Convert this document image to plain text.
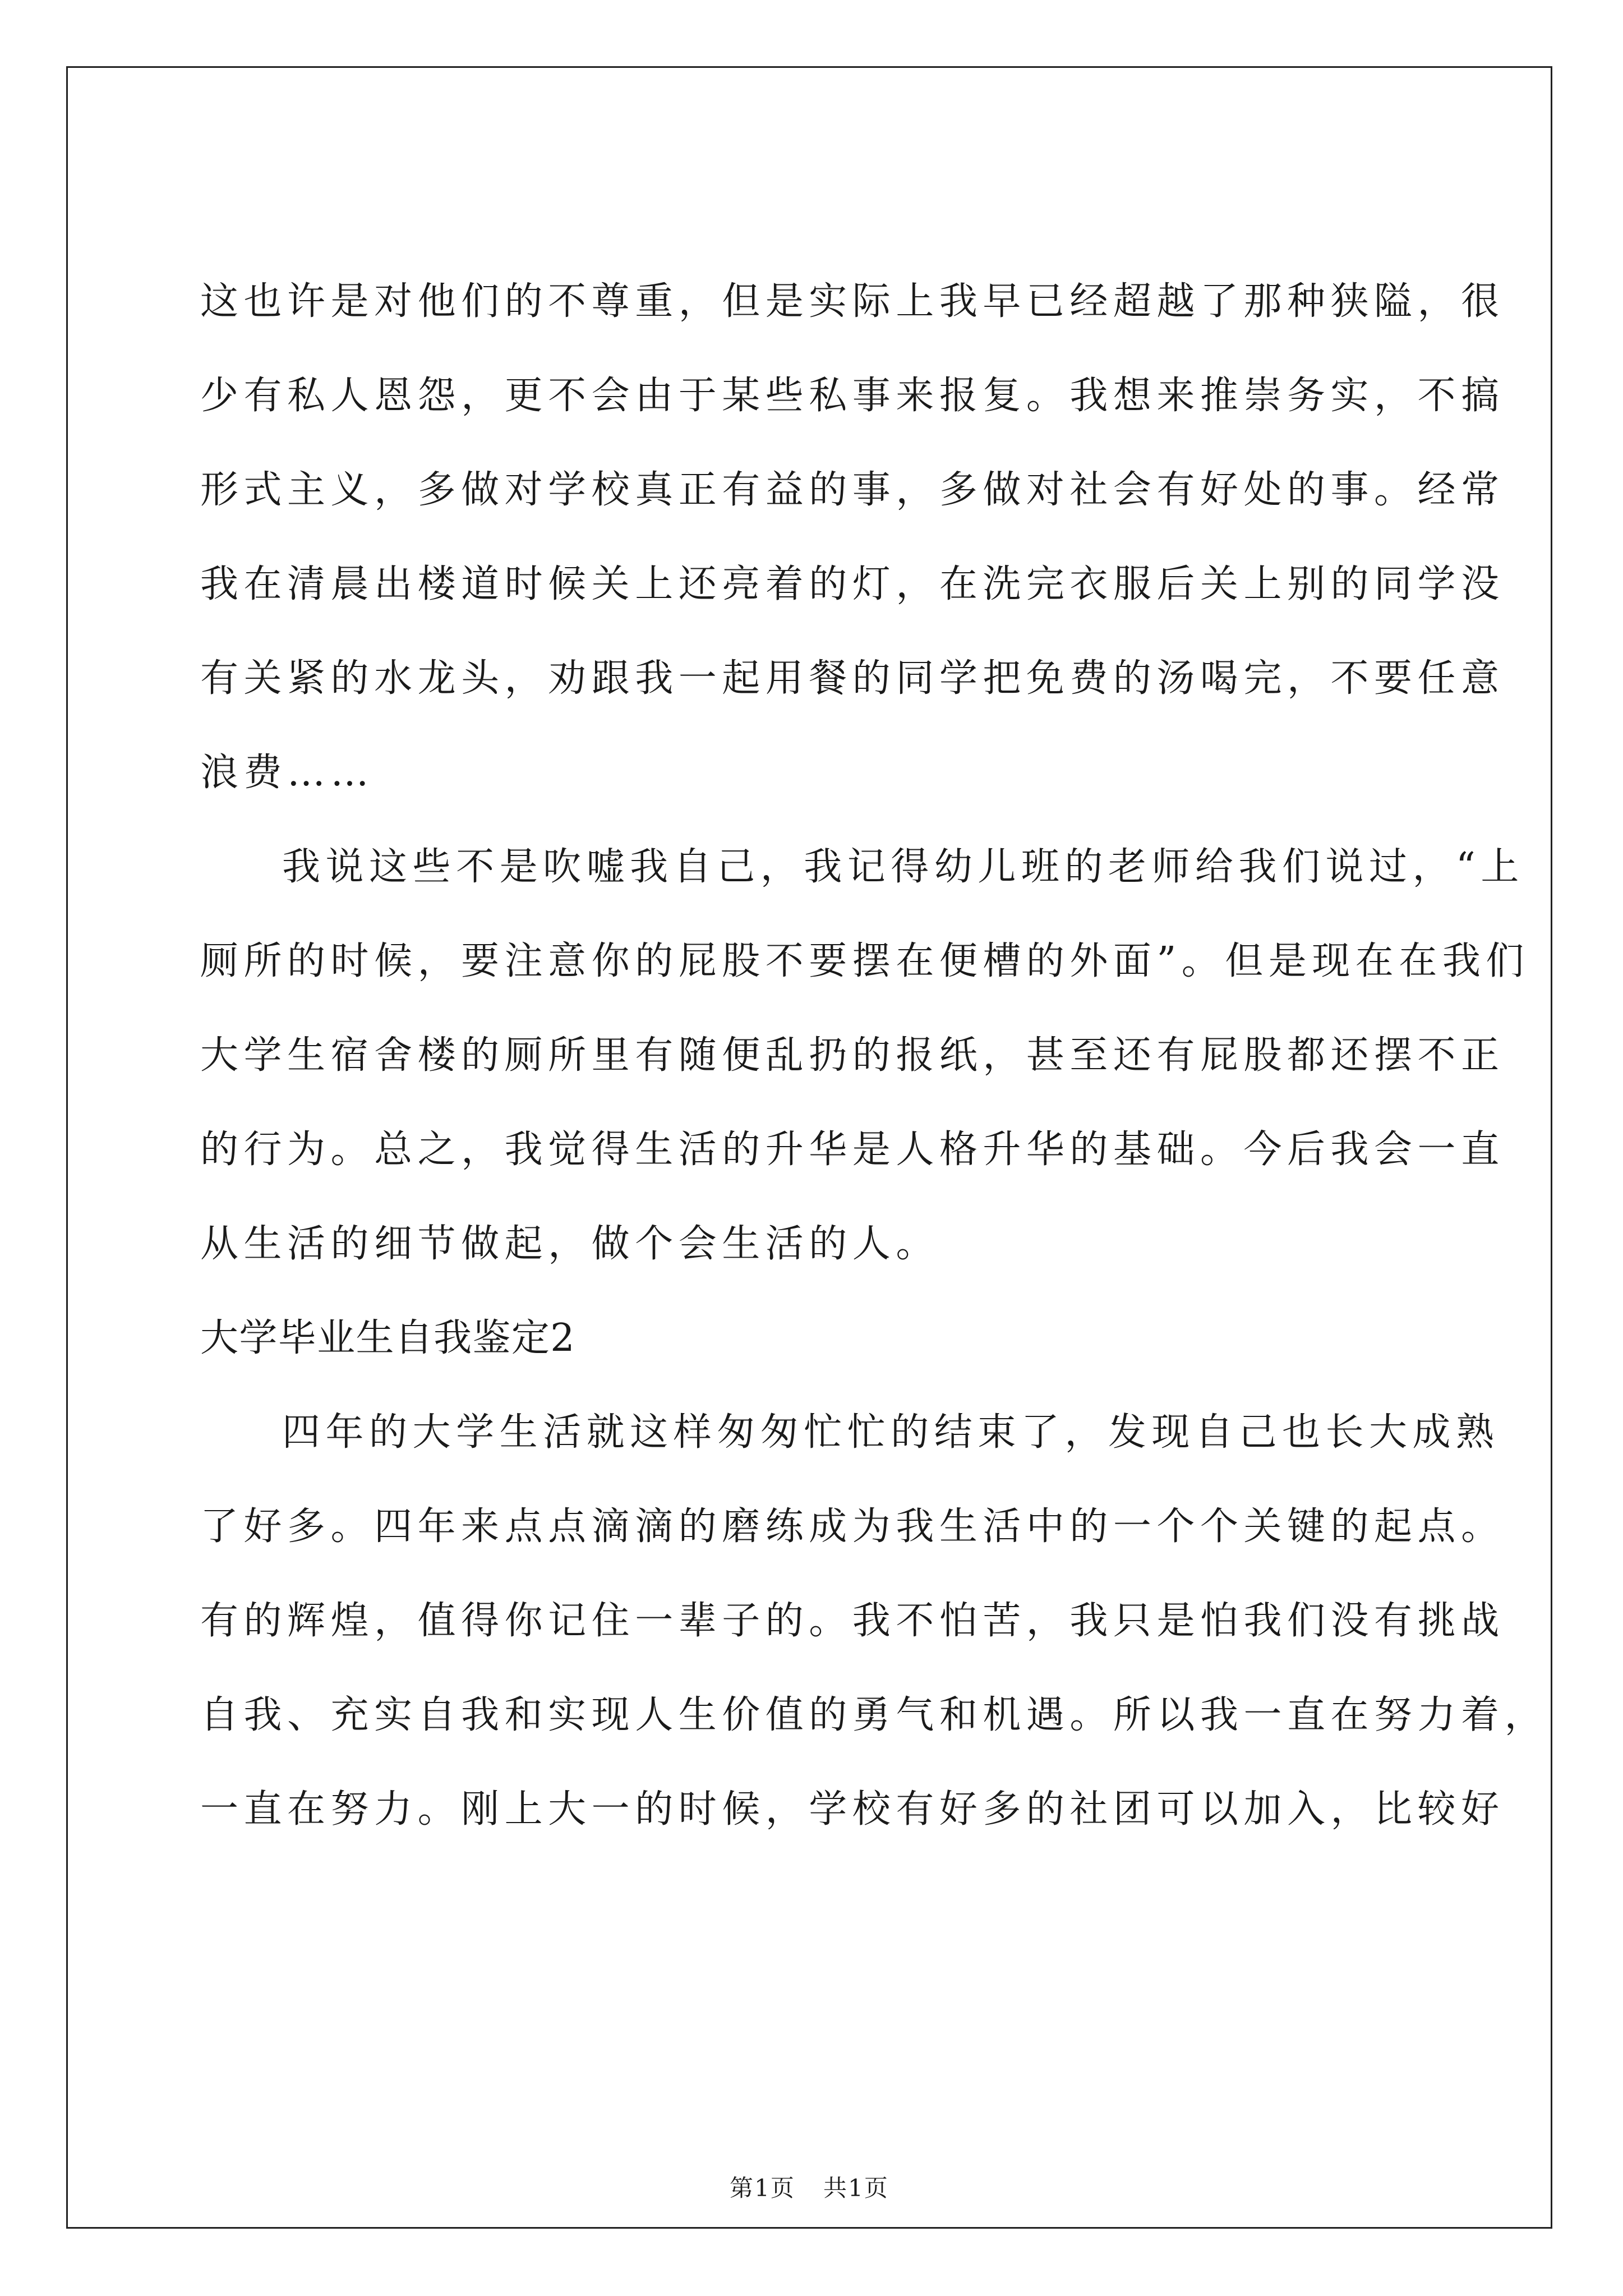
这也许是对他们的不尊重，但是实际上我早已经超越了那种狭隘，很
少有私人恩怨，更不会由于某些私事来报复。我想来推崇务实，不搞
形式主义，多做对学校真正有益的事，多做对社会有好处的事。经常
我在清晨出楼道时候关上还亮着的灯，在洗完衣服后关上别的同学没
有关紧的水龙头，劝跟我一起用餐的同学把免费的汤喝完，不要任意
浪费……
我说这些不是吹嘘我自己，我记得幼儿班的老师给我们说过，“上
厕所的时候，要注意你的屁股不要摆在便槽的外面”。但是现在在我们
大学生宿舍楼的厕所里有随便乱扔的报纸，甚至还有屁股都还摆不正
的行为。总之，我觉得生活的升华是人格升华的基础。今后我会一直
从生活的细节做起，做个会生活的人。
大学毕业生自我鉴定2
四年的大学生活就这样匆匆忙忙的结束了，发现自己也长大成熟
了好多。四年来点点滴滴的磨练成为我生活中的一个个关键的起点。
有的辉煌，值得你记住一辈子的。我不怕苦，我只是怕我们没有挑战
自我、充实自我和实现人生价值的勇气和机遇。所以我一直在努力着，
一直在努力。刚上大一的时候，学校有好多的社团可以加入，比较好
第1页 共1页
